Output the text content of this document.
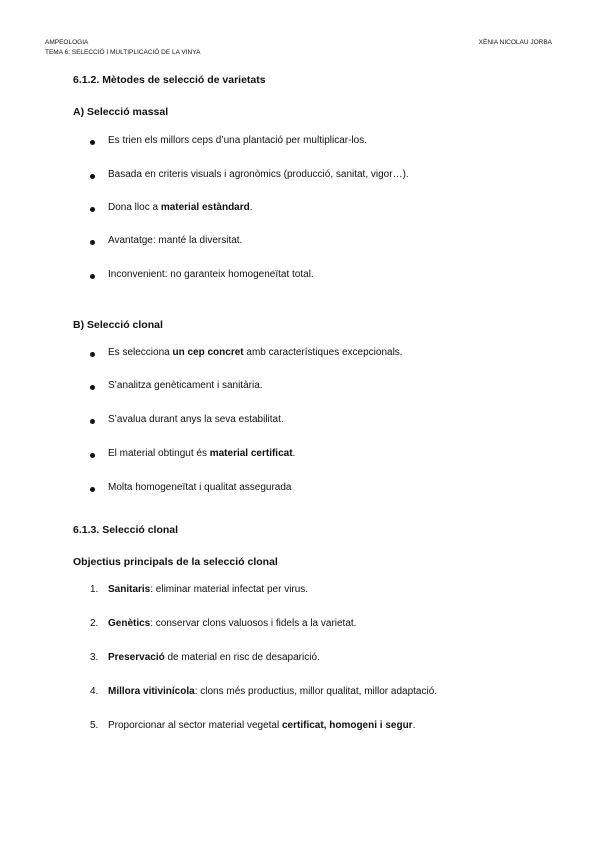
AMPEOLOGIA
TEMA 6: SELECCIÓ I MULTIPLICACIÓ DE LA VINYA
XÈNIA NICOLAU JORBA
6.1.2. Mètodes de selecció de varietats
A) Selecció massal
Es trien els millors ceps d’una plantació per multiplicar-los.
Basada en criteris visuals i agronòmics (producció, sanitat, vigor…).
Dona lloc a material estàndard.
Avantatge: manté la diversitat.
Inconvenient: no garanteix homogeneïtat total.
B) Selecció clonal
Es selecciona un cep concret amb característiques excepcionals.
S’analitza genèticament i sanitària.
S’avalua durant anys la seva estabilitat.
El material obtingut és material certificat.
Molta homogeneïtat i qualitat assegurada
6.1.3. Selecció clonal
Objectius principals de la selecció clonal
1. Sanitaris: eliminar material infectat per virus.
2. Genètics: conservar clons valuosos i fidels a la varietat.
3. Preservació de material en risc de desaparició.
4. Millora vitivinícola: clons més productius, millor qualitat, millor adaptació.
5. Proporcionar al sector material vegetal certificat, homogeni i segur.
